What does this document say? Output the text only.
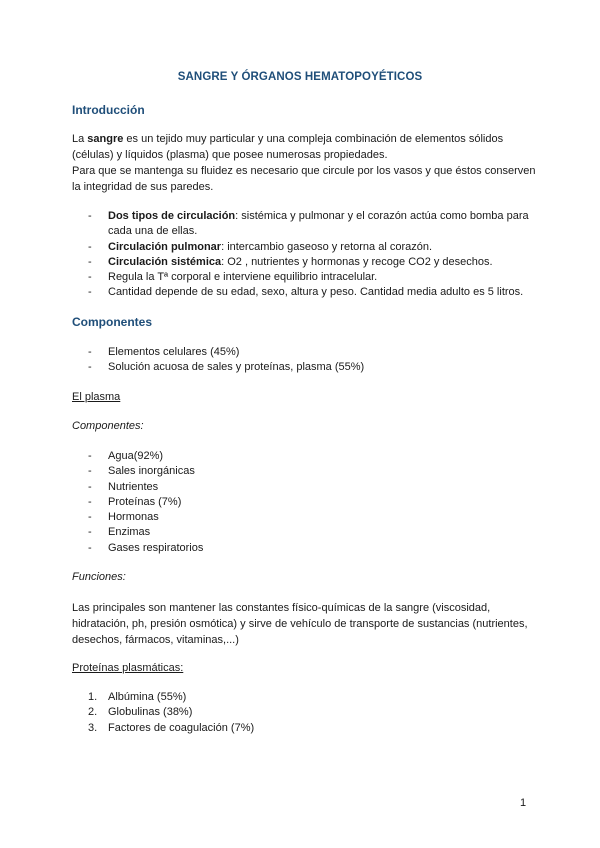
SANGRE Y ÓRGANOS HEMATOPOYÉTICOS
Introducción

La sangre es un tejido muy particular y una compleja combinación de elementos sólidos (células) y líquidos (plasma) que posee numerosas propiedades.

Para que se mantenga su fluidez es necesario que circule por los vasos y que éstos conserven la integridad de sus paredes.

- Dos tipos de circulación: sistémica y pulmonar y el corazón actúa como bomba para cada una de ellas.
- Circulación pulmonar: intercambio gaseoso y retorna al corazón.
- Circulación sistémica: O2 , nutrientes y hormonas y recoge CO2 y desechos.
- Regula la Tª corporal e interviene equilibrio intracelular.
- Cantidad depende de su edad, sexo, altura y peso. Cantidad media adulto es 5 litros.
Componentes
- Elementos celulares (45%)
- Solución acuosa de sales y proteínas, plasma (55%)
El plasma
Componentes:
- Agua(92%)
- Sales inorgánicas
- Nutrientes
- Proteínas (7%)
- Hormonas
- Enzimas
- Gases respiratorios
Funciones:
Las principales son mantener las constantes físico-químicas de la sangre (viscosidad, hidratación, ph, presión osmótica) y sirve de vehículo de transporte de sustancias (nutrientes, desechos, fármacos, vitaminas,...)
Proteínas plasmáticas:
1. Albúmina (55%)
2. Globulinas (38%)
3. Factores de coagulación (7%)
1
